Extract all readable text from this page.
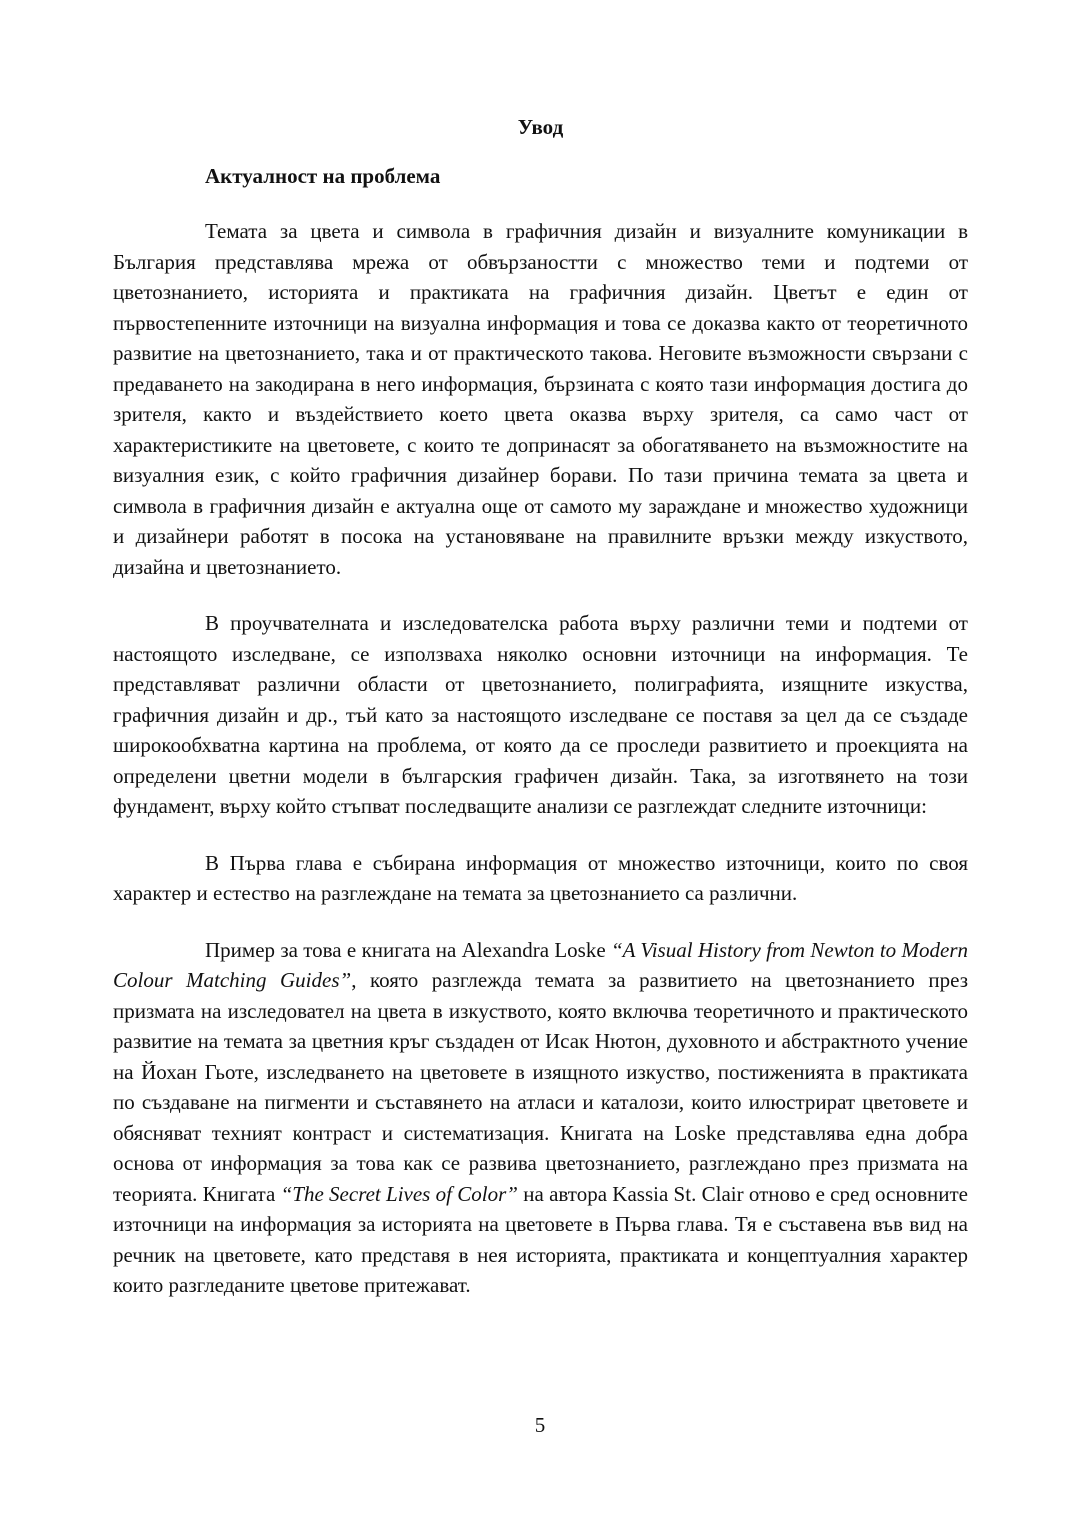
Увод
Актуалност на проблема

Темата за цвета и символа в графичния дизайн и визуалните комуникации в България представлява мрежа от обвързаностти с множество теми и подтеми от цветознанието, историята и практиката на графичния дизайн. Цветът е един от първостепенните източници на визуална информация и това се доказва както от теоретичното развитие на цветознанието, така и от практическото такова. Неговите възможности свързани с предаването на закодирана в него информация, бързината с която тази информация достига до зрителя, както и въздействието което цвета оказва върху зрителя, са само част от характеристиките на цветовете, с които те допринасят за обогатяването на възможностите на визуалния език, с който графичния дизайнер борави. По тази причина темата за цвета и символа в графичния дизайн е актуална още от самото му зараждане и множество художници и дизайнери работят в посока на установяване на правилните връзки между изкуството, дизайна и цветознанието.

В проучвателната и изследователска работа върху различни теми и подтеми от настоящото изследване, се използваха няколко основни източници на информация. Те представляват различни области от цветознанието, полиграфията, изящните изкуства, графичния дизайн и др., тъй като за настоящото изследване се поставя за цел да се създаде широкообхватна картина на проблема, от която да се проследи развитието и проекцията на определени цветни модели в българския графичен дизайн. Така, за изготвянето на този фундамент, върху който стъпват последващите анализи се разглеждат следните източници:

В Първа глава е събирана информация от множество източници, които по своя характер и естество на разглеждане на темата за цветознанието са различни.

Пример за това е книгата на Alexandra Loske “A Visual History from Newton to Modern Colour Matching Guides”, която разглежда темата за развитието на цветознанието през призмата на изследовател на цвета в изкуството, която включва теоретичното и практическото развитие на темата за цветния кръг създаден от Исак Нютон, духовното и абстрактното учение на Йохан Гьоте, изследването на цветовете в изящното изкуство, постиженията в практиката по създаване на пигменти и съставянето на атласи и каталози, които илюстрират цветовете и обясняват техният контраст и систематизация. Книгата на Loske представлява една добра основа от информация за това как се развива цветознанието, разглеждано през призмата на теорията. Книгата “The Secret Lives of Color” на автора Kassia St. Clair отново е сред основните източници на информация за историята на цветовете в Първа глава. Тя е съставена във вид на речник на цветовете, като представя в нея историята, практиката и концептуалния характер които разгледаните цветове притежават.

5
